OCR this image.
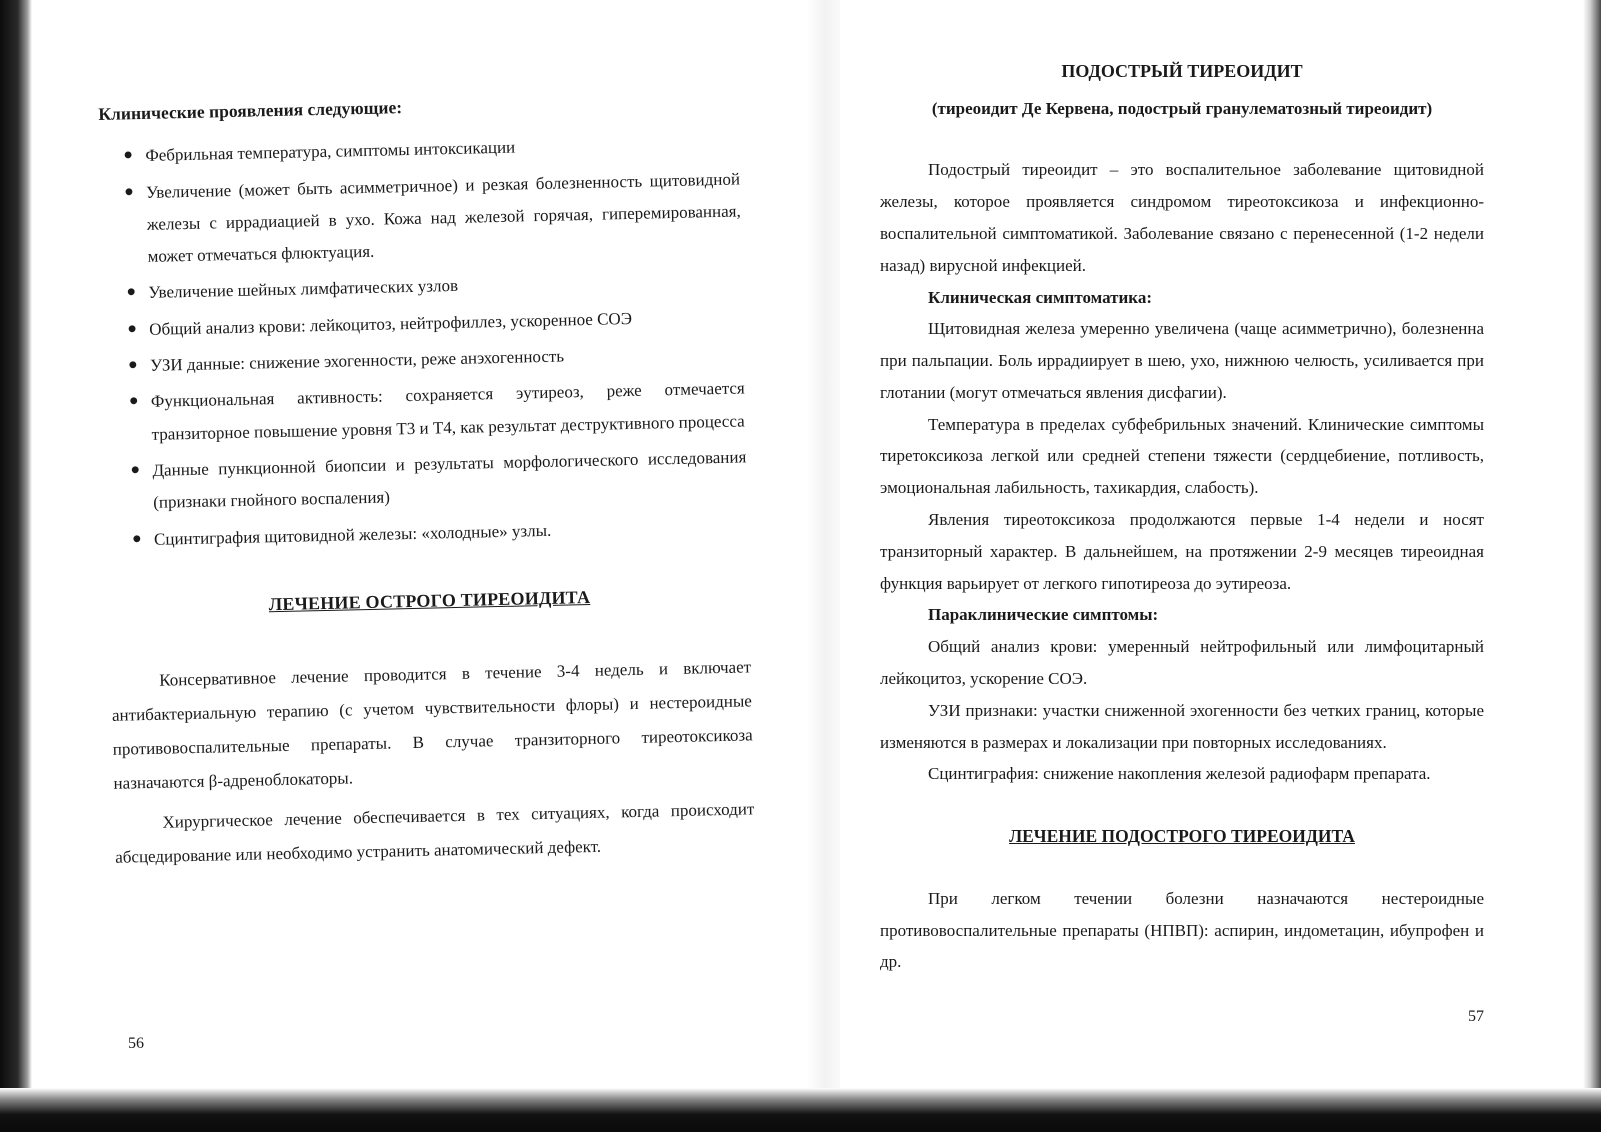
Клинические проявления следующие:

● Фебрильная температура, симптомы интоксикации
● Увеличение (может быть асимметричное) и резкая болезненность щитовидной железы с иррадиацией в ухо. Кожа над железой горячая, гиперемированная, может отмечаться флюктуация.
● Увеличение шейных лимфатических узлов
● Общий анализ крови: лейкоцитоз, нейтрофиллез, ускоренное СОЭ
● УЗИ данные: снижение эхогенности, реже анэхогенность
● Функциональная активность: сохраняется эутиреоз, реже отмечается транзиторное повышение уровня Т3 и Т4, как результат деструктивного процесса
● Данные пункционной биопсии и результаты морфологического исследования (признаки гнойного воспаления)
● Сцинтиграфия щитовидной железы: «холодные» узлы.

ЛЕЧЕНИЕ ОСТРОГО ТИРЕОИДИТА

Консервативное лечение проводится в течение 3-4 недель и включает антибактериальную терапию (с учетом чувствительности флоры) и нестероидные противовоспалительные препараты. В случае транзиторного тиреотоксикоза назначаются β-адреноблокаторы.

Хирургическое лечение обеспечивается в тех ситуациях, когда происходит абсцедирование или необходимо устранить анатомический дефект.

56

ПОДОСТРЫЙ ТИРЕОИДИТ

(тиреоидит Де Кервена, подострый гранулематозный тиреоидит)

Подострый тиреоидит – это воспалительное заболевание щитовидной железы, которое проявляется синдромом тиреотоксикоза и инфекционно-воспалительной симптоматикой. Заболевание связано с перенесенной (1-2 недели назад) вирусной инфекцией.

Клиническая симптоматика:

Щитовидная железа умеренно увеличена (чаще асимметрично), болезненна при пальпации. Боль иррадиирует в шею, ухо, нижнюю челюсть, усиливается при глотании (могут отмечаться явления дисфагии).

Температура в пределах субфебрильных значений. Клинические симптомы тиретоксикоза легкой или средней степени тяжести (сердцебиение, потливость, эмоциональная лабильность, тахикардия, слабость).

Явления тиреотоксикоза продолжаются первые 1-4 недели и носят транзиторный характер. В дальнейшем, на протяжении 2-9 месяцев тиреоидная функция варьирует от легкого гипотиреоза до эутиреоза.

Параклинические симптомы:

Общий анализ крови: умеренный нейтрофильный или лимфоцитарный лейкоцитоз, ускорение СОЭ.

УЗИ признаки: участки сниженной эхогенности без четких границ, которые изменяются в размерах и локализации при повторных исследованиях.

Сцинтиграфия: снижение накопления железой радиофарм препарата.

ЛЕЧЕНИЕ ПОДОСТРОГО ТИРЕОИДИТА

При легком течении болезни назначаются нестероидные противовоспалительные препараты (НПВП): аспирин, индометацин, ибупрофен и др.

57
